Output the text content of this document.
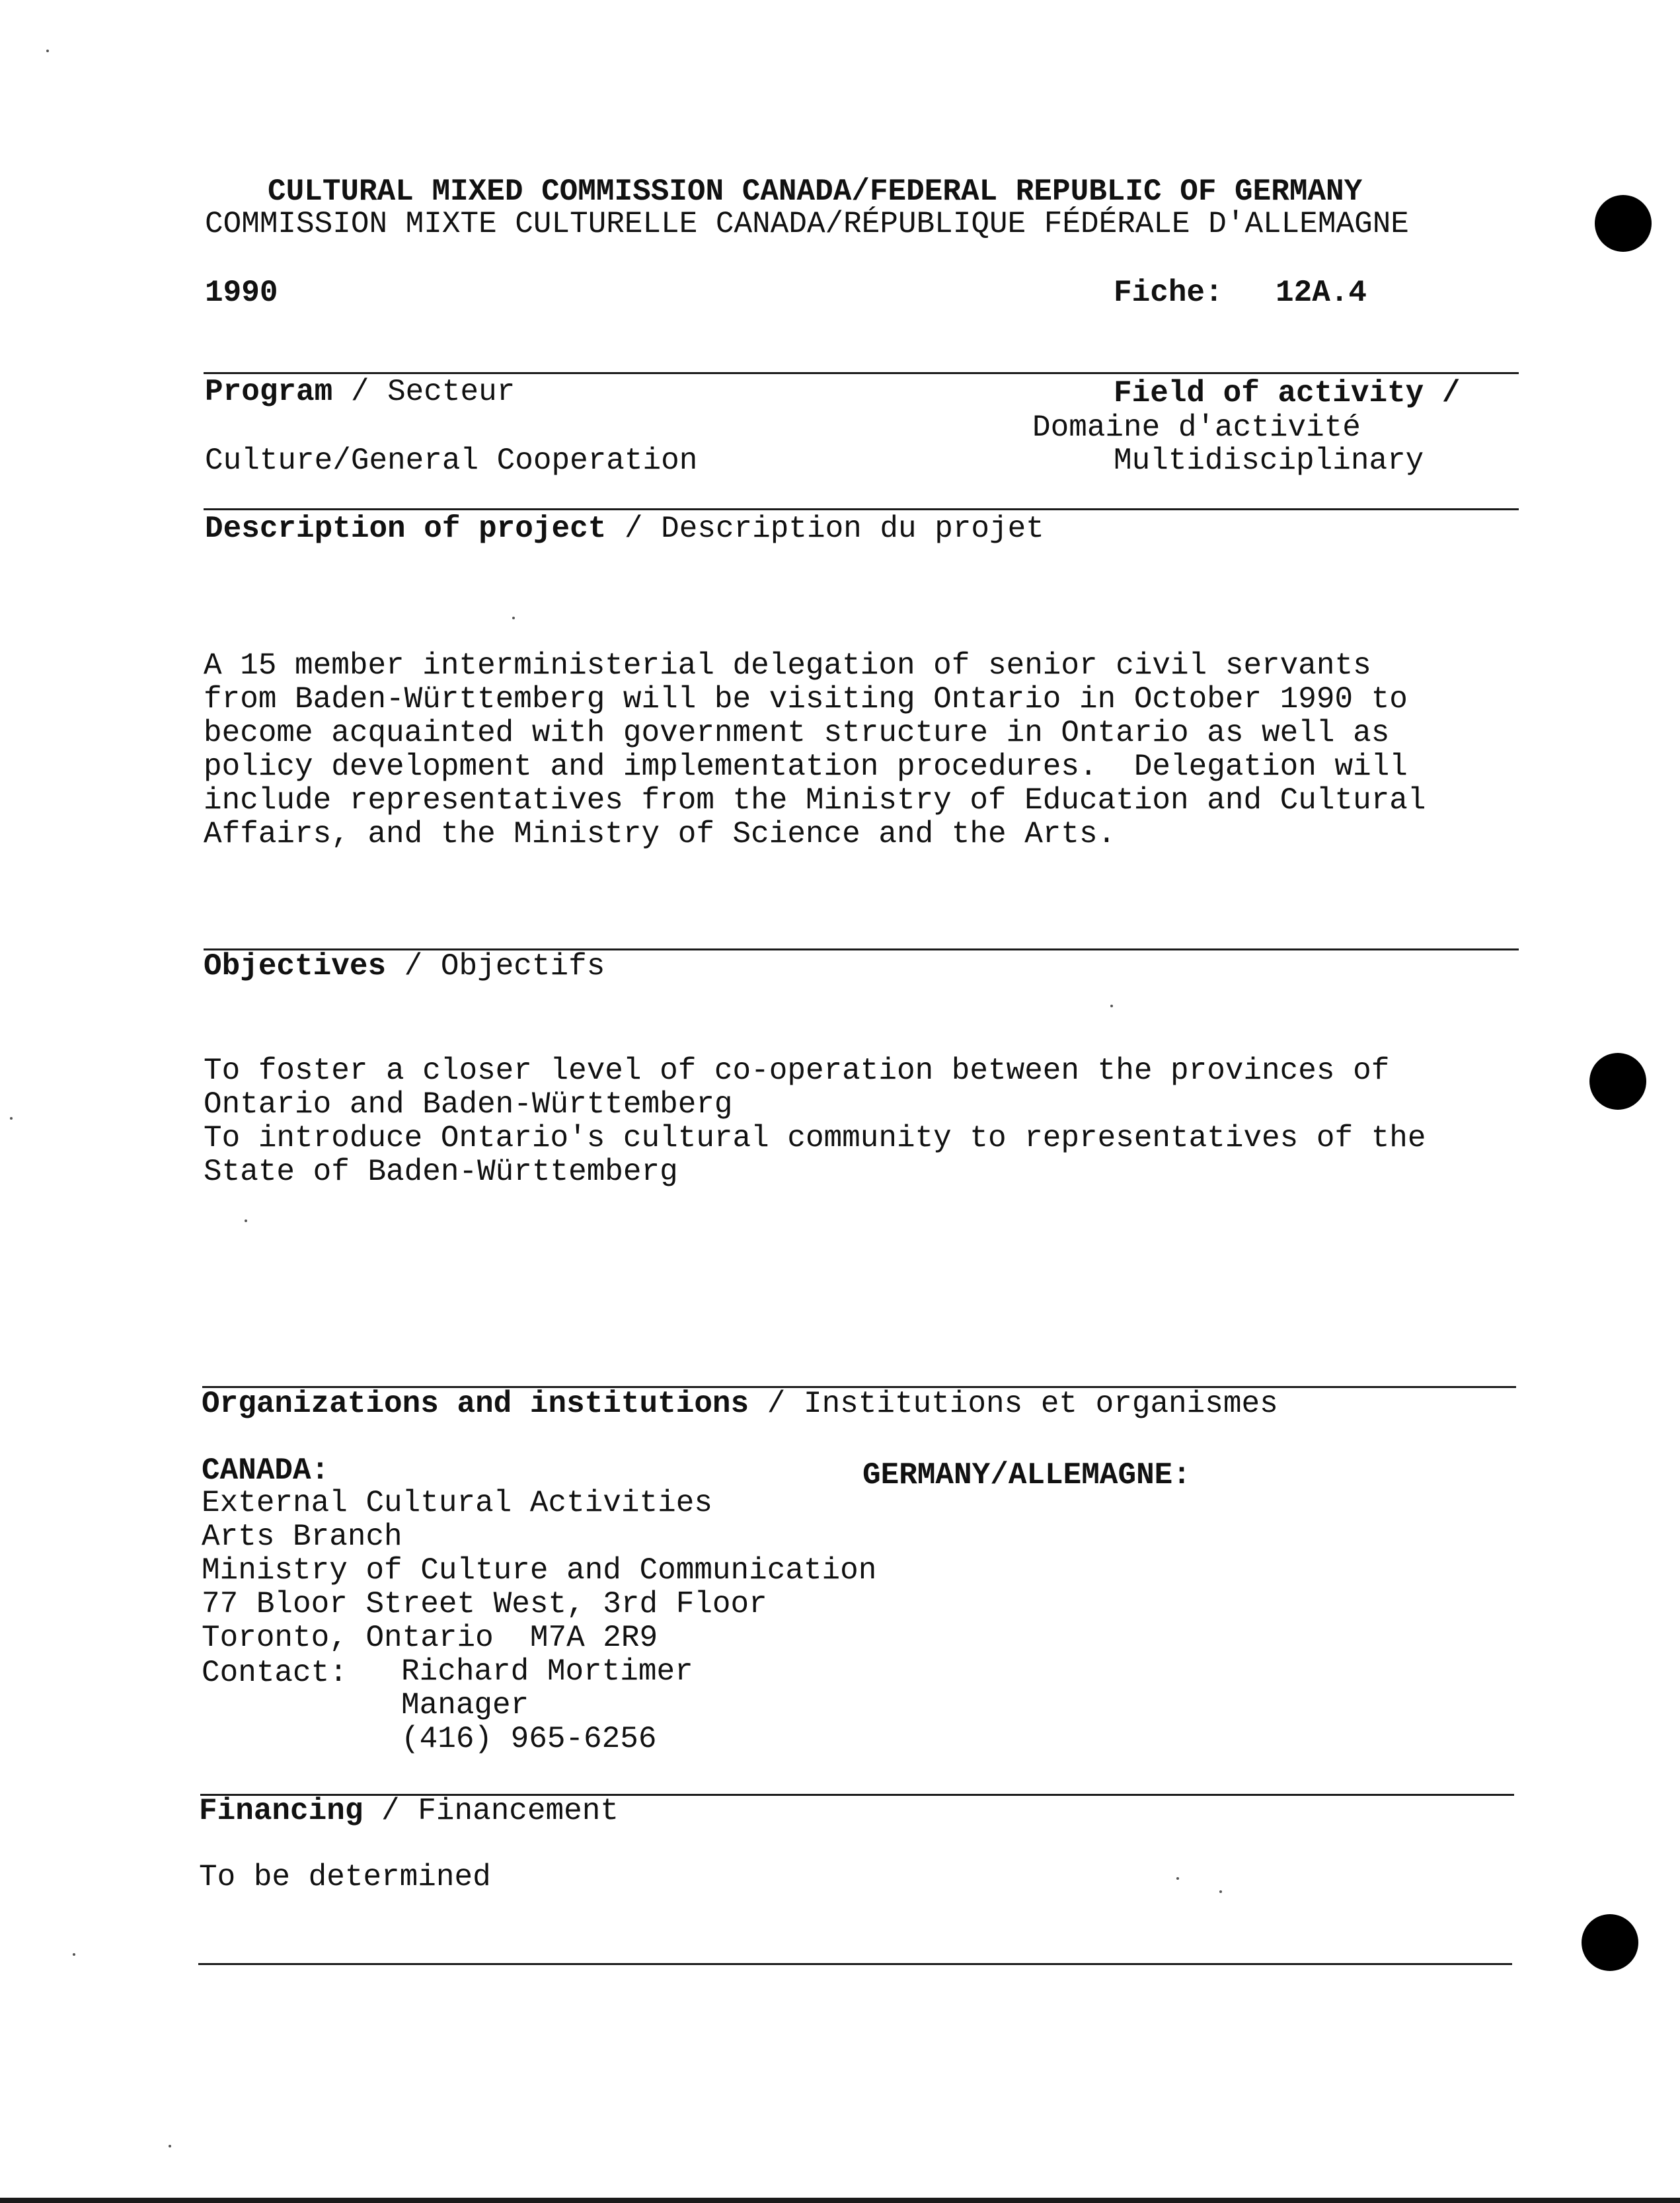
CULTURAL MIXED COMMISSION CANADA/FEDERAL REPUBLIC OF GERMANY
COMMISSION MIXTE CULTURELLE CANADA/RÉPUBLIQUE FÉDÉRALE D'ALLEMAGNE
1990	Fiche: 12A.4
Program / Secteur	Field of activity /
Domaine d'activité
Culture/General Cooperation	Multidisciplinary
Description of project / Description du projet
A 15 member interministerial delegation of senior civil servants
from Baden-Württemberg will be visiting Ontario in October 1990 to
become acquainted with government structure in Ontario as well as
policy development and implementation procedures.  Delegation will
include representatives from the Ministry of Education and Cultural
Affairs, and the Ministry of Science and the Arts.
Objectives / Objectifs
To foster a closer level of co-operation between the provinces of
Ontario and Baden-Württemberg
To introduce Ontario's cultural community to representatives of the
State of Baden-Württemberg
Organizations and institutions / Institutions et organismes
CANADA:	GERMANY/ALLEMAGNE:
External Cultural Activities
Arts Branch
Ministry of Culture and Communication
77 Bloor Street West, 3rd Floor
Toronto, Ontario  M7A 2R9
Contact: Richard Mortimer
Manager
(416) 965-6256
Financing / Financement
To be determined
